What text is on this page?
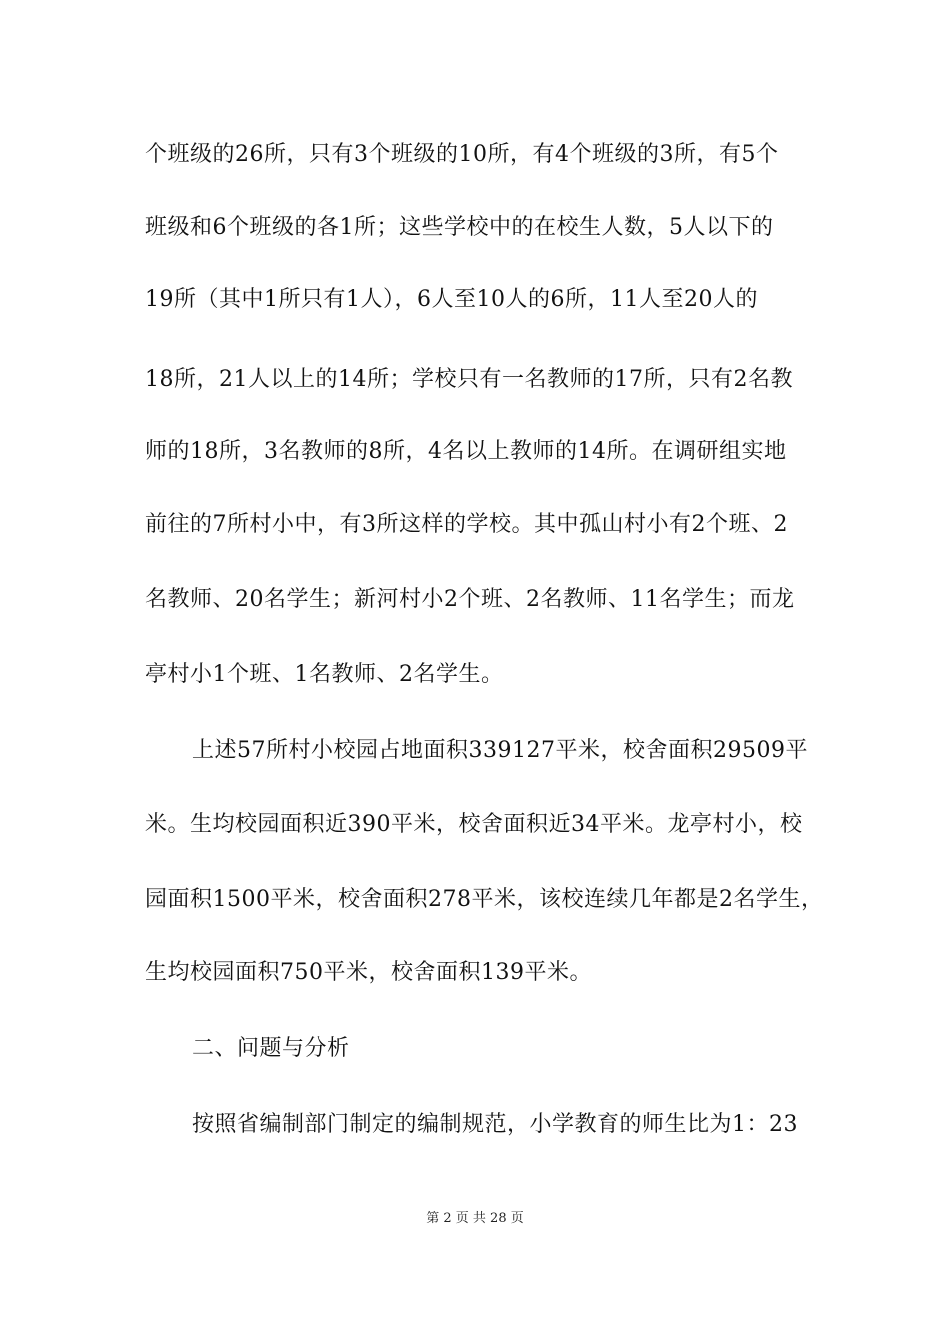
个班级的26所，只有3个班级的10所，有4个班级的3所，有5个
班级和6个班级的各1所；这些学校中的在校生人数，5人以下的
19所（其中1所只有1人），6人至10人的6所，11人至20人的
18所，21人以上的14所；学校只有一名教师的17所，只有2名教
师的18所，3名教师的8所，4名以上教师的14所。在调研组实地
前往的7所村小中，有3所这样的学校。其中孤山村小有2个班、2
名教师、20名学生；新河村小2个班、2名教师、11名学生；而龙
亭村小1个班、1名教师、2名学生。
上述57所村小校园占地面积339127平米，校舍面积29509平
米。生均校园面积近390平米，校舍面积近34平米。龙亭村小，校
园面积1500平米，校舍面积278平米，该校连续几年都是2名学生，
生均校园面积750平米，校舍面积139平米。
二、问题与分析
按照省编制部门制定的编制规范，小学教育的师生比为1：23
第 2 页 共 28 页
